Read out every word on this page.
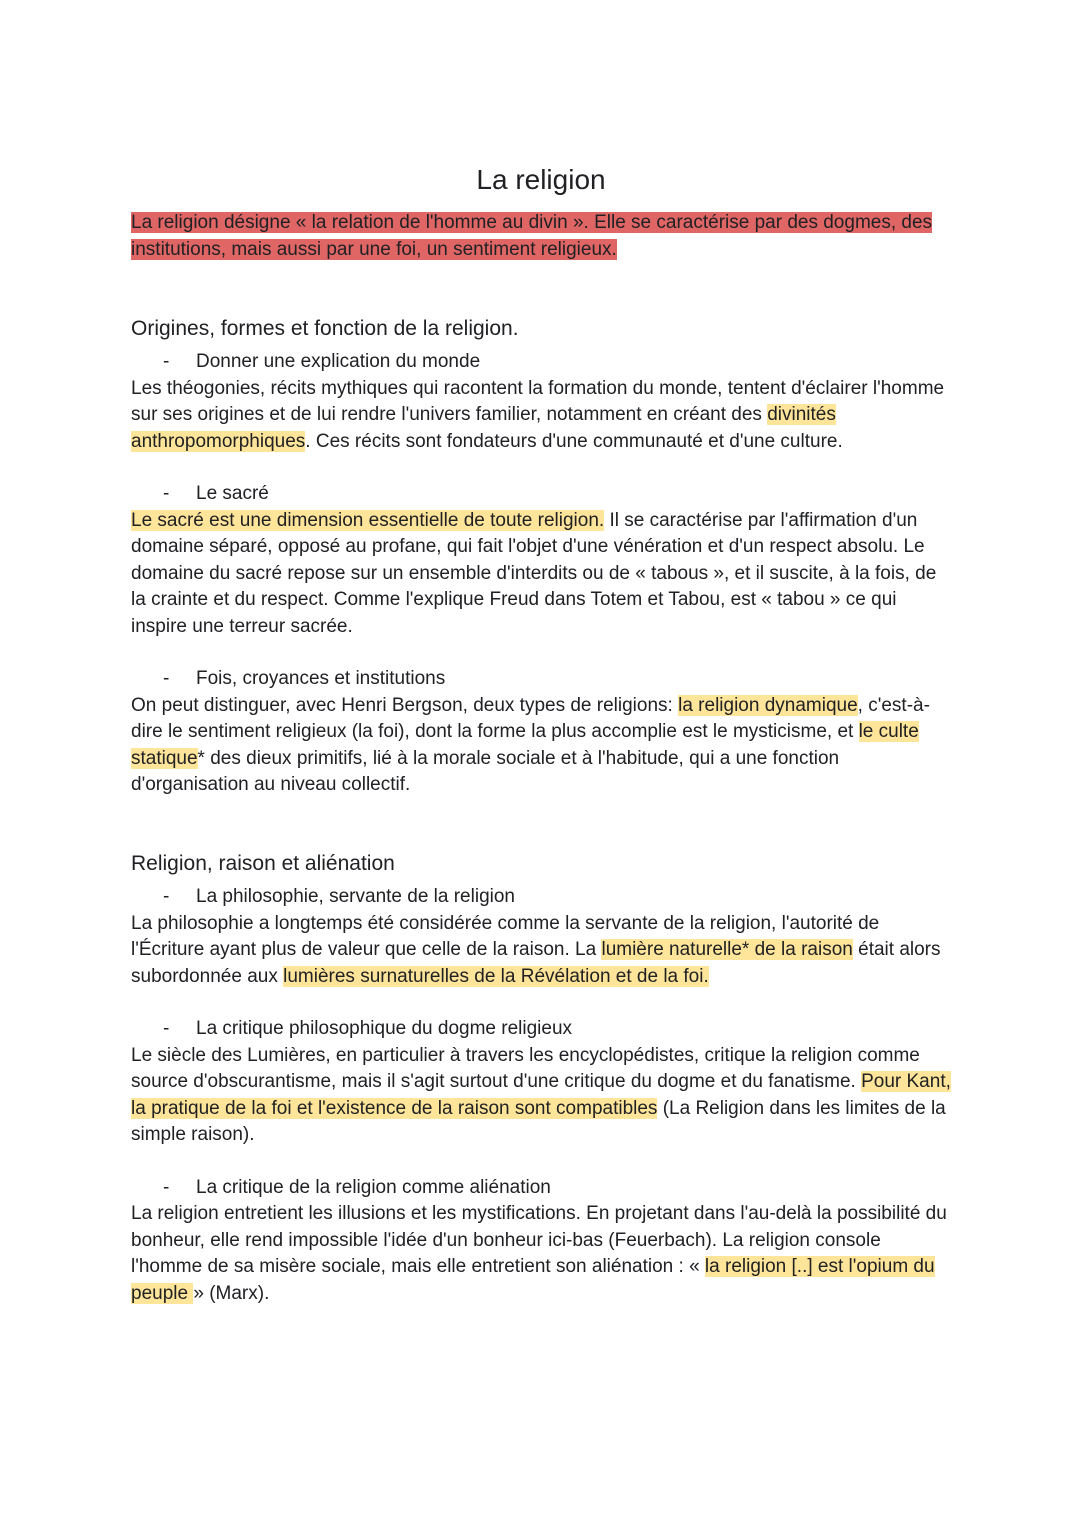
La religion
La religion désigne « la relation de l'homme au divin ». Elle se caractérise par des dogmes, des institutions, mais aussi par une foi, un sentiment religieux.
Origines, formes et fonction de la religion.
- Donner une explication du monde
Les théogonies, récits mythiques qui racontent la formation du monde, tentent d'éclairer l'homme sur ses origines et de lui rendre l'univers familier, notamment en créant des divinités anthropomorphiques. Ces récits sont fondateurs d'une communauté et d'une culture.
- Le sacré
Le sacré est une dimension essentielle de toute religion. Il se caractérise par l'affirmation d'un domaine séparé, opposé au profane, qui fait l'objet d'une vénération et d'un respect absolu. Le domaine du sacré repose sur un ensemble d'interdits ou de « tabous », et il suscite, à la fois, de la crainte et du respect. Comme l'explique Freud dans Totem et Tabou, est « tabou » ce qui inspire une terreur sacrée.
- Fois, croyances et institutions
On peut distinguer, avec Henri Bergson, deux types de religions: la religion dynamique, c'est-à-dire le sentiment religieux (la foi), dont la forme la plus accomplie est le mysticisme, et le culte statique* des dieux primitifs, lié à la morale sociale et à l'habitude, qui a une fonction d'organisation au niveau collectif.
Religion, raison et aliénation
- La philosophie, servante de la religion
La philosophie a longtemps été considérée comme la servante de la religion, l'autorité de l'Écriture ayant plus de valeur que celle de la raison. La lumière naturelle* de la raison était alors subordonnée aux lumières surnaturelles de la Révélation et de la foi.
- La critique philosophique du dogme religieux
Le siècle des Lumières, en particulier à travers les encyclopédistes, critique la religion comme source d'obscurantisme, mais il s'agit surtout d'une critique du dogme et du fanatisme. Pour Kant, la pratique de la foi et l'existence de la raison sont compatibles (La Religion dans les limites de la simple raison).
- La critique de la religion comme aliénation
La religion entretient les illusions et les mystifications. En projetant dans l'au-delà la possibilité du bonheur, elle rend impossible l'idée d'un bonheur ici-bas (Feuerbach). La religion console l'homme de sa misère sociale, mais elle entretient son aliénation : « la religion [..] est l'opium du peuple » (Marx).
